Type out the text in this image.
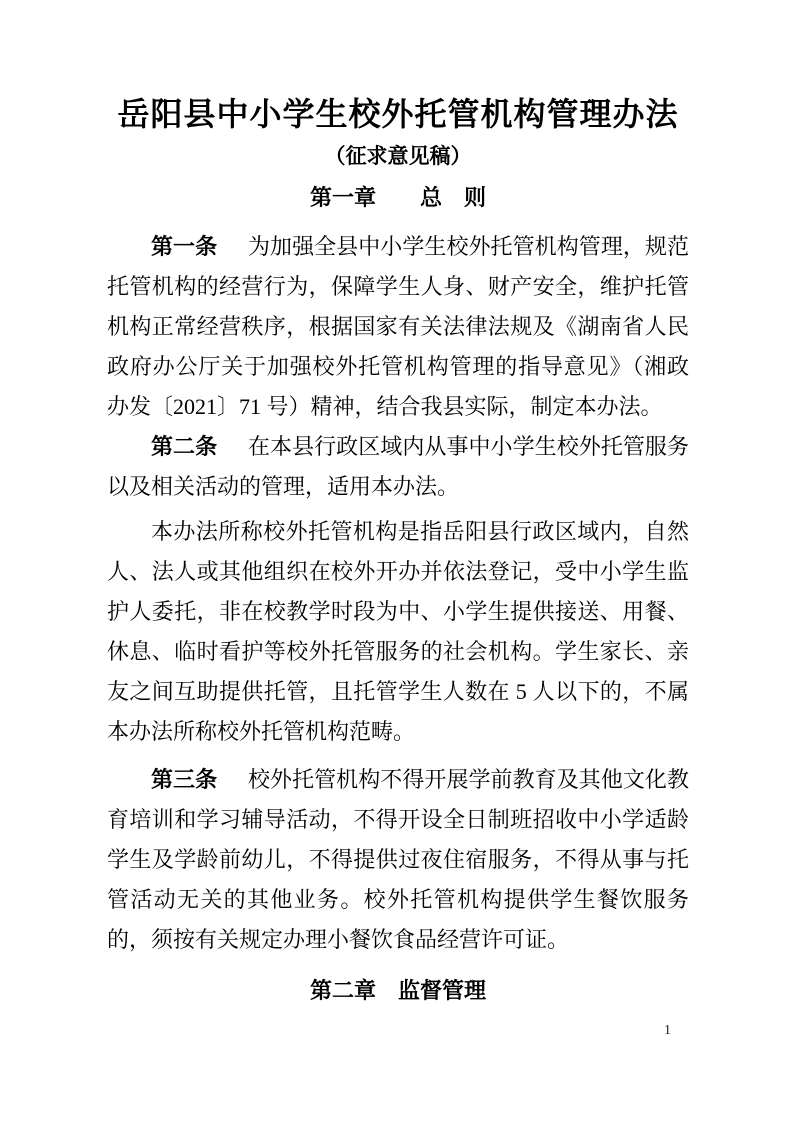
岳阳县中小学生校外托管机构管理办法
（征求意见稿）
第一章　　总　则

第一条 为加强全县中小学生校外托管机构管理，规范托管机构的经营行为，保障学生人身、财产安全，维护托管机构正常经营秩序，根据国家有关法律法规及《湖南省人民政府办公厅关于加强校外托管机构管理的指导意见》（湘政办发〔2021〕71 号）精神，结合我县实际，制定本办法。

第二条 在本县行政区域内从事中小学生校外托管服务以及相关活动的管理，适用本办法。

本办法所称校外托管机构是指岳阳县行政区域内，自然人、法人或其他组织在校外开办并依法登记，受中小学生监护人委托，非在校教学时段为中、小学生提供接送、用餐、休息、临时看护等校外托管服务的社会机构。学生家长、亲友之间互助提供托管，且托管学生人数在 5 人以下的，不属本办法所称校外托管机构范畴。

第三条 校外托管机构不得开展学前教育及其他文化教育培训和学习辅导活动，不得开设全日制班招收中小学适龄学生及学龄前幼儿，不得提供过夜住宿服务，不得从事与托管活动无关的其他业务。校外托管机构提供学生餐饮服务的，须按有关规定办理小餐饮食品经营许可证。

第二章　监督管理
1
